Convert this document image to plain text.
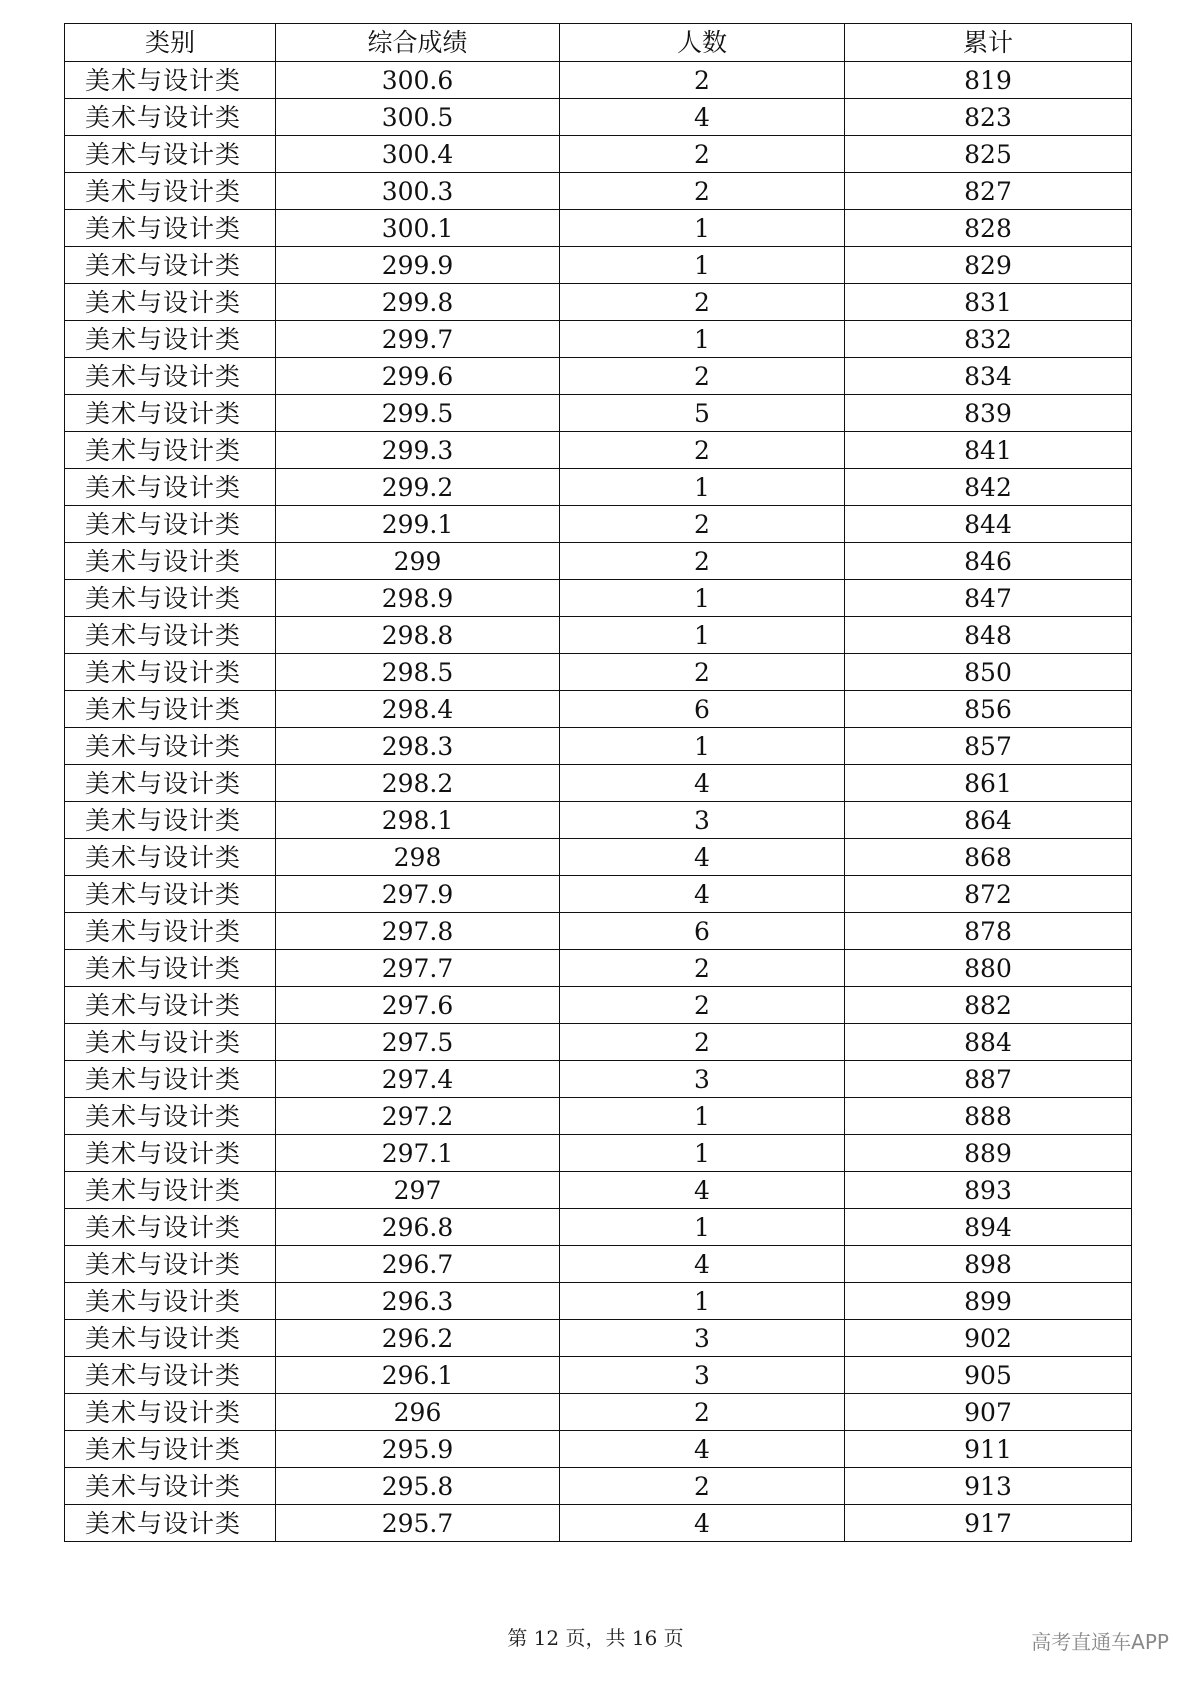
类别	综合成绩	人数	累计
美术与设计类	300.6	2	819
美术与设计类	300.5	4	823
美术与设计类	300.4	2	825
美术与设计类	300.3	2	827
美术与设计类	300.1	1	828
美术与设计类	299.9	1	829
美术与设计类	299.8	2	831
美术与设计类	299.7	1	832
美术与设计类	299.6	2	834
美术与设计类	299.5	5	839
美术与设计类	299.3	2	841
美术与设计类	299.2	1	842
美术与设计类	299.1	2	844
美术与设计类	299	2	846
美术与设计类	298.9	1	847
美术与设计类	298.8	1	848
美术与设计类	298.5	2	850
美术与设计类	298.4	6	856
美术与设计类	298.3	1	857
美术与设计类	298.2	4	861
美术与设计类	298.1	3	864
美术与设计类	298	4	868
美术与设计类	297.9	4	872
美术与设计类	297.8	6	878
美术与设计类	297.7	2	880
美术与设计类	297.6	2	882
美术与设计类	297.5	2	884
美术与设计类	297.4	3	887
美术与设计类	297.2	1	888
美术与设计类	297.1	1	889
美术与设计类	297	4	893
美术与设计类	296.8	1	894
美术与设计类	296.7	4	898
美术与设计类	296.3	1	899
美术与设计类	296.2	3	902
美术与设计类	296.1	3	905
美术与设计类	296	2	907
美术与设计类	295.9	4	911
美术与设计类	295.8	2	913
美术与设计类	295.7	4	917
第 12 页，共 16 页	高考直通车APP
